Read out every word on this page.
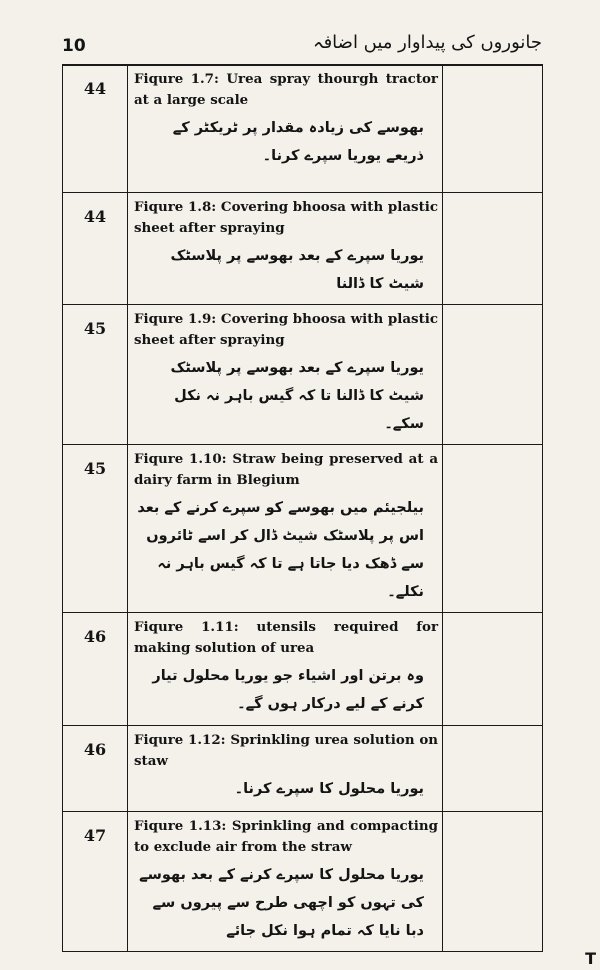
10	جانوروں کی پیداوار میں اضافہ
44	Fiqure 1.7: Urea spray thourgh tractor at a large scale
بھوسے کی زیادہ مقدار پر ٹریکٹر کے ذریعے یوریا سپرے کرنا۔	

44	Fiqure 1.8: Covering bhoosa with plastic sheet after spraying
یوریا سپرے کے بعد بھوسے پر پلاسٹک شیٹ کا ڈالنا	

45	Fiqure 1.9: Covering bhoosa with plastic sheet after spraying
یوریا سپرے کے بعد بھوسے پر پلاسٹک شیٹ کا ڈالنا تا کہ گیس باہر نہ نکل سکے۔	

45	Fiqure 1.10: Straw being preserved at a dairy farm in Blegium
بیلجیئم میں بھوسے کو سپرے کرنے کے بعد اس پر پلاسٹک شیٹ ڈال کر اسے ٹائروں سے ڈھک دیا جاتا ہے تا کہ گیس باہر نہ نکلے۔	

46	Fiqure 1.11: utensils required for making solution of urea
وہ برتن اور اشیاء جو یوریا محلول تیار کرنے کے لیے درکار ہوں گے۔	

46	Fiqure 1.12: Sprinkling urea solution on staw
یوریا محلول کا سپرے کرنا۔	

47	Fiqure 1.13: Sprinkling and compacting to exclude air from the straw
یوریا محلول کا سپرے کرنے کے بعد بھوسے کی تہوں کو اچھی طرح سے پیروں سے دبا نایا کہ تمام ہوا نکل جائے	

T
